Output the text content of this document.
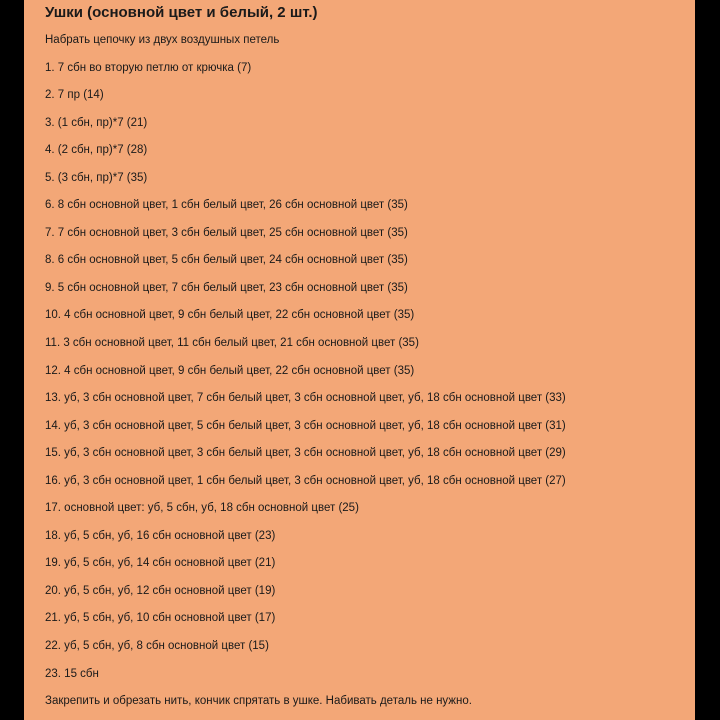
Ушки (основной цвет и белый, 2 шт.)

Набрать цепочку из двух воздушных петель

1. 7 сбн во вторую петлю от крючка (7)

2. 7 пр (14)

3. (1 сбн, пр)*7 (21)

4. (2 сбн, пр)*7 (28)

5. (3 сбн, пр)*7 (35)

6. 8 сбн основной цвет, 1 сбн белый цвет, 26 сбн основной цвет (35)

7. 7 сбн основной цвет, 3 сбн белый цвет, 25 сбн основной цвет (35)

8. 6 сбн основной цвет, 5 сбн белый цвет, 24 сбн основной цвет (35)

9. 5 сбн основной цвет, 7 сбн белый цвет, 23 сбн основной цвет (35)

10. 4 сбн основной цвет, 9 сбн белый цвет, 22 сбн основной цвет (35)

11. 3 сбн основной цвет, 11 сбн белый цвет, 21 сбн основной цвет (35)

12. 4 сбн основной цвет, 9 сбн белый цвет, 22 сбн основной цвет (35)

13. уб, 3 сбн основной цвет, 7 сбн белый цвет, 3 сбн основной цвет, уб, 18 сбн основной цвет (33)

14. уб, 3 сбн основной цвет, 5 сбн белый цвет, 3 сбн основной цвет, уб, 18 сбн основной цвет (31)

15. уб, 3 сбн основной цвет, 3 сбн белый цвет, 3 сбн основной цвет, уб, 18 сбн основной цвет (29)

16. уб, 3 сбн основной цвет, 1 сбн белый цвет, 3 сбн основной цвет, уб, 18 сбн основной цвет (27)

17. основной цвет: уб, 5 сбн, уб, 18 сбн основной цвет (25)

18. уб, 5 сбн, уб, 16 сбн основной цвет (23)

19. уб, 5 сбн, уб, 14 сбн основной цвет (21)

20. уб, 5 сбн, уб, 12 сбн основной цвет (19)

21. уб, 5 сбн, уб, 10 сбн основной цвет (17)

22. уб, 5 сбн, уб, 8 сбн основной цвет (15)

23. 15 сбн

Закрепить и обрезать нить, кончик спрятать в ушке. Набивать деталь не нужно.
